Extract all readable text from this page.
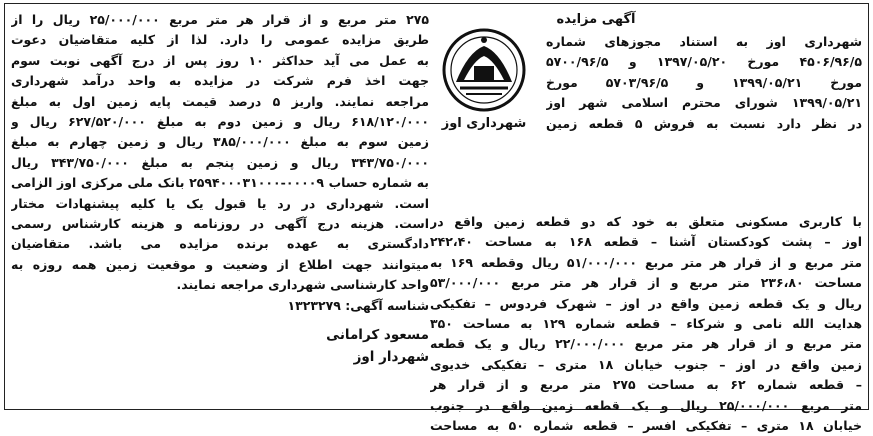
آگهی مزایده
شهرداری اوز
شهرداری اوز به استناد مجوزهای شماره
۴۵۰۶/۹۶/۵ مورخ ۱۳۹۷/۰۵/۲۰ و ۵۷۰۰/۹۶/۵
مورخ ۱۳۹۹/۰۵/۲۱ و ۵۷۰۳/۹۶/۵ مورخ
۱۳۹۹/۰۵/۲۱ شورای محترم اسلامی شهر اوز
در نظر دارد نسبت به فروش ۵ قطعه زمین
با کاربری مسکونی متعلق به خود که دو قطعه زمین واقع در
اوز – پشت کودکستان آشنا – قطعه ۱۶۸ به مساحت ۲۴۲،۴۰
متر مربع و از قرار هر متر مربع ۵۱/۰۰۰/۰۰۰ ریال وقطعه ۱۶۹ به
مساحت ۲۳۶،۸۰ متر مربع و از قرار هر متر مربع ۵۳/۰۰۰/۰۰۰
ریال و یک قطعه زمین واقع در اوز – شهرک فردوس – تفکیکی
هدایت الله نامی و شرکاء – قطعه شماره ۱۲۹ به مساحت ۳۵۰
متر مربع و از قرار هر متر مربع ۲۲/۰۰۰/۰۰۰ ریال و یک قطعه
زمین واقع در اوز – جنوب خیابان ۱۸ متری – تفکیکی خدیوی
– قطعه شماره ۶۲ به مساحت ۲۷۵ متر مربع و از قرار هر
متر مربع ۲۵/۰۰۰/۰۰۰ ریال و یک قطعه زمین واقع در جنوب
خیابان ۱۸ متری – تفکیکی افسر – قطعه شماره ۵۰ به مساحت
۲۷۵ متر مربع و از قرار هر متر مربع ۲۵/۰۰۰/۰۰۰ ریال را از
طریق مزایده عمومی را دارد. لذا از کلیه متقاضیان دعوت
به عمل می آید حداکثر ۱۰ روز پس از درج آگهی نوبت سوم
جهت اخذ فرم شرکت در مزایده به واحد درآمد شهرداری
مراجعه نمایند. واریز ۵ درصد قیمت پایه زمین اول به مبلغ
۶۱۸/۱۲۰/۰۰۰ ریال و زمین دوم به مبلغ ۶۲۷/۵۲۰/۰۰۰ ریال و
زمین سوم به مبلغ ۳۸۵/۰۰۰/۰۰۰ ریال و زمین چهارم به مبلغ
۳۴۳/۷۵۰/۰۰۰ ریال و زمین پنجم به مبلغ ۳۴۳/۷۵۰/۰۰۰ ریال
به شماره حساب ۰۰۰۰۹-۲۵۹۴۰۰۰۳۱۰۰۰ بانک ملی مرکزی اوز الزامی
است. شهرداری در رد یا قبول یک یا کلیه پیشنهادات مختار
است. هزینه درج آگهی در روزنامه و هزینه کارشناس رسمی
دادگستری به عهده برنده مزایده می باشد. متقاضیان
میتوانند جهت اطلاع از وضعیت و موقعیت زمین همه روزه به
واحد کارشناسی شهرداری مراجعه نمایند.
شناسه آگهی: ۱۳۲۳۲۷۹
مسعود کرامانی
شهردار اوز
